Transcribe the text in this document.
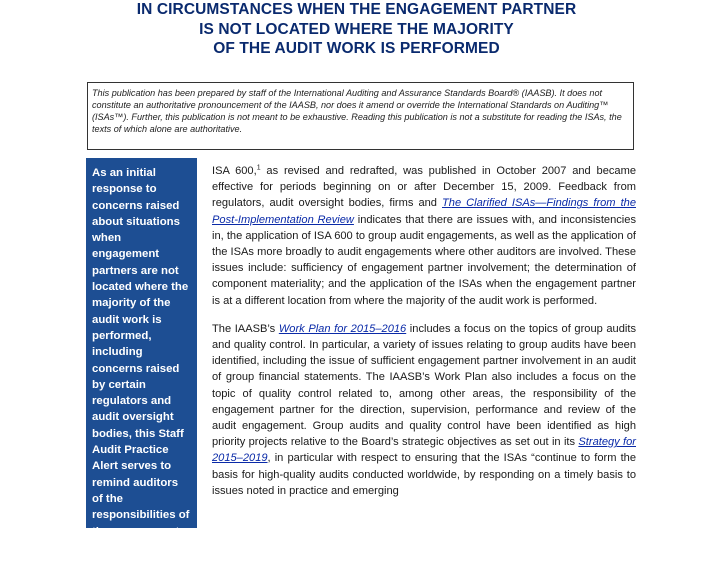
IN CIRCUMSTANCES WHEN THE ENGAGEMENT PARTNER
IS NOT LOCATED WHERE THE MAJORITY
OF THE AUDIT WORK IS PERFORMED
This publication has been prepared by staff of the International Auditing and Assurance Standards Board® (IAASB). It does not constitute an authoritative pronouncement of the IAASB, nor does it amend or override the International Standards on Auditing™ (ISAs™). Further, this publication is not meant to be exhaustive. Reading this publication is not a substitute for reading the ISAs, the texts of which alone are authoritative.
As an initial response to concerns raised about situations when engagement partners are not located where the majority of the audit work is performed, including concerns raised by certain regulators and audit oversight bodies, this Staff Audit Practice Alert serves to remind auditors of the responsibilities of the engagement partner described in the ISAs.

ISA 600,$^1$ as revised and redrafted, was published in October 2007 and became effective for periods beginning on or after December 15, 2009. Feedback from regulators, audit oversight bodies, firms and The Clarified ISAs—Findings from the Post-Implementation Review indicates that there are issues with, and inconsistencies in, the application of ISA 600 to group audit engagements, as well as the application of the ISAs more broadly to audit engagements where other auditors are involved. These issues include: sufficiency of engagement partner involvement; the determination of component materiality; and the application of the ISAs when the engagement partner is at a different location from where the majority of the audit work is performed.

The IAASB’s Work Plan for 2015–2016 includes a focus on the topics of group audits and quality control. In particular, a variety of issues relating to group audits have been identified, including the issue of sufficient engagement partner involvement in an audit of group financial statements. The IAASB’s Work Plan also includes a focus on the topic of quality control related to, among other areas, the responsibility of the engagement partner for the direction, supervision, performance and review of the audit engagement. Group audits and quality control have been identified as high priority projects relative to the Board’s strategic objectives as set out in its Strategy for 2015–2019, in particular with respect to ensuring that the ISAs “continue to form the basis for high-quality audits conducted worldwide, by responding on a timely basis to issues noted in practice and emerging
